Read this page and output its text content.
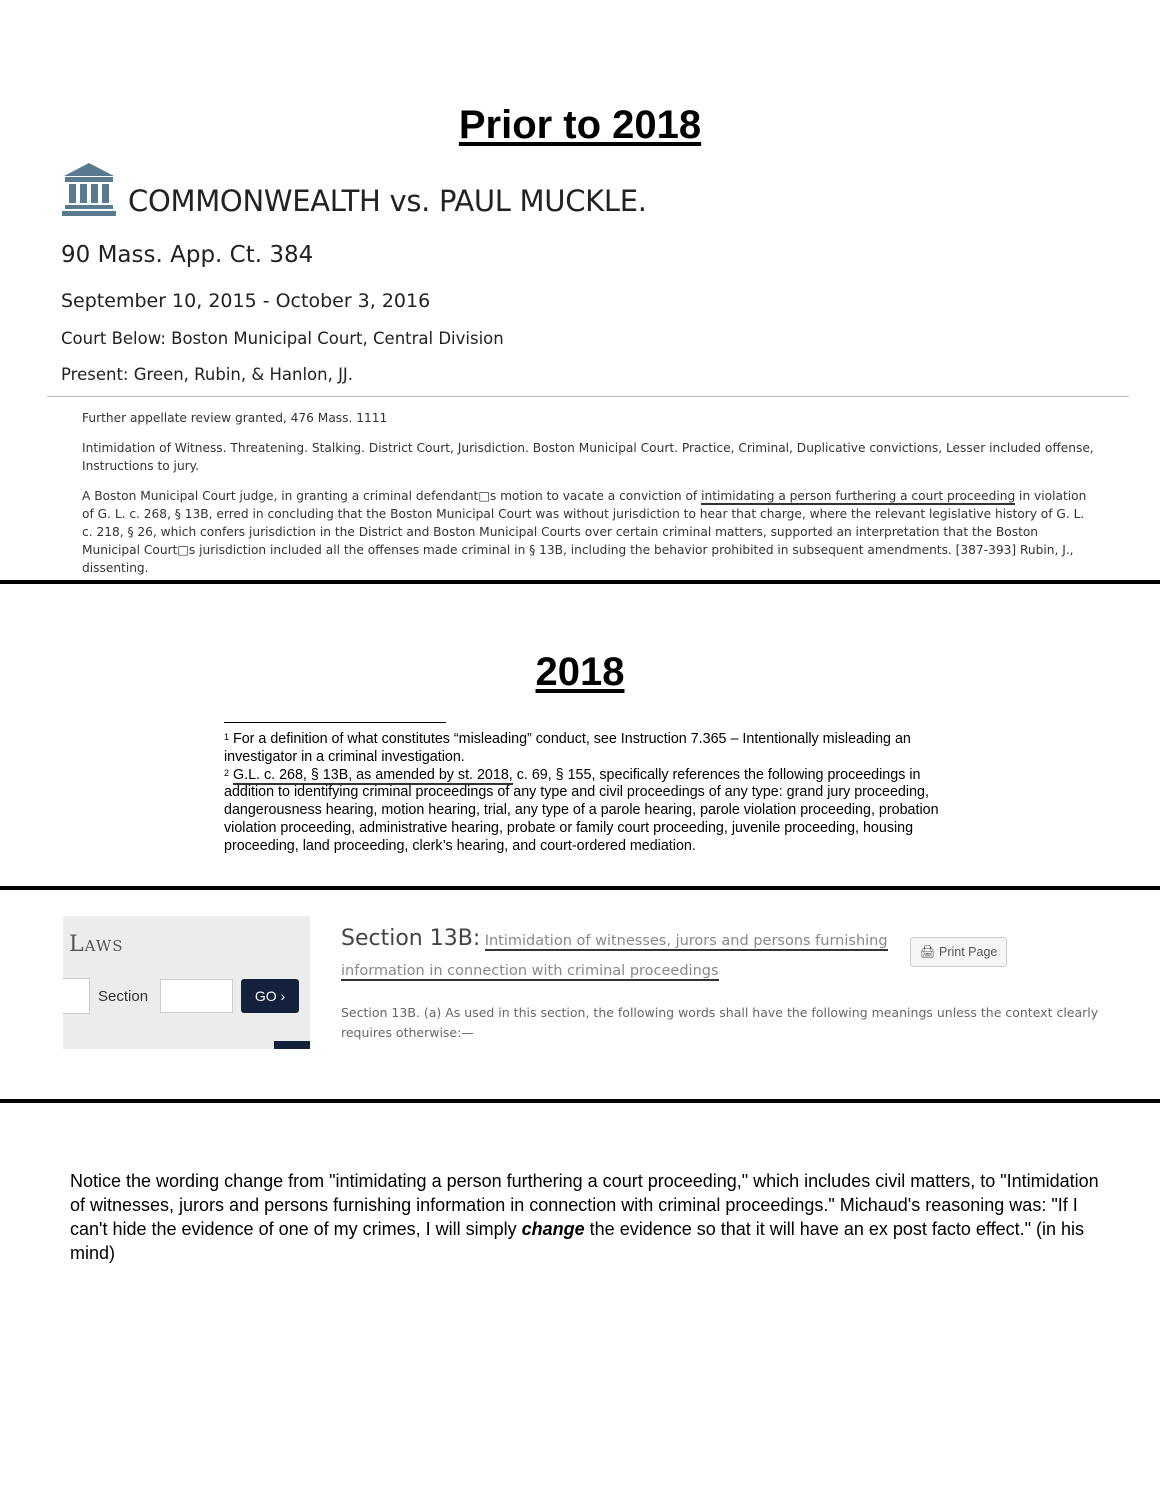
Prior to 2018
COMMONWEALTH vs. PAUL MUCKLE.
90 Mass. App. Ct. 384
September 10, 2015 - October 3, 2016
Court Below: Boston Municipal Court, Central Division
Present: Green, Rubin, & Hanlon, JJ.
Further appellate review granted, 476 Mass. 1111
Intimidation of Witness. Threatening. Stalking. District Court, Jurisdiction. Boston Municipal Court. Practice, Criminal, Duplicative convictions, Lesser included offense, Instructions to jury.
A Boston Municipal Court judge, in granting a criminal defendant□s motion to vacate a conviction of intimidating a person furthering a court proceeding in violation of G. L. c. 268, § 13B, erred in concluding that the Boston Municipal Court was without jurisdiction to hear that charge, where the relevant legislative history of G. L. c. 218, § 26, which confers jurisdiction in the District and Boston Municipal Courts over certain criminal matters, supported an interpretation that the Boston Municipal Court□s jurisdiction included all the offenses made criminal in § 13B, including the behavior prohibited in subsequent amendments. [387-393] Rubin, J., dissenting.
2018
$^1$ For a definition of what constitutes “misleading” conduct, see Instruction 7.365 – Intentionally misleading an investigator in a criminal investigation.
$^2$ G.L. c. 268, § 13B, as amended by st. 2018, c. 69, § 155, specifically references the following proceedings in addition to identifying criminal proceedings of any type and civil proceedings of any type: grand jury proceeding, dangerousness hearing, motion hearing, trial, any type of a parole hearing, parole violation proceeding, probation violation proceeding, administrative hearing, probate or family court proceeding, juvenile proceeding, housing proceeding, land proceeding, clerk’s hearing, and court-ordered mediation.
Laws
Section	GO ›
Section 13B: Intimidation of witnesses, jurors and persons furnishing information in connection with criminal proceedings
🖨 Print Page
Section 13B. (a) As used in this section, the following words shall have the following meanings unless the context clearly requires otherwise:—
Notice the wording change from "intimidating a person furthering a court proceeding," which includes civil matters, to "Intimidation of witnesses, jurors and persons furnishing information in connection with criminal proceedings." Michaud's reasoning was: "If I can't hide the evidence of one of my crimes, I will simply change the evidence so that it will have an ex post facto effect." (in his mind)
